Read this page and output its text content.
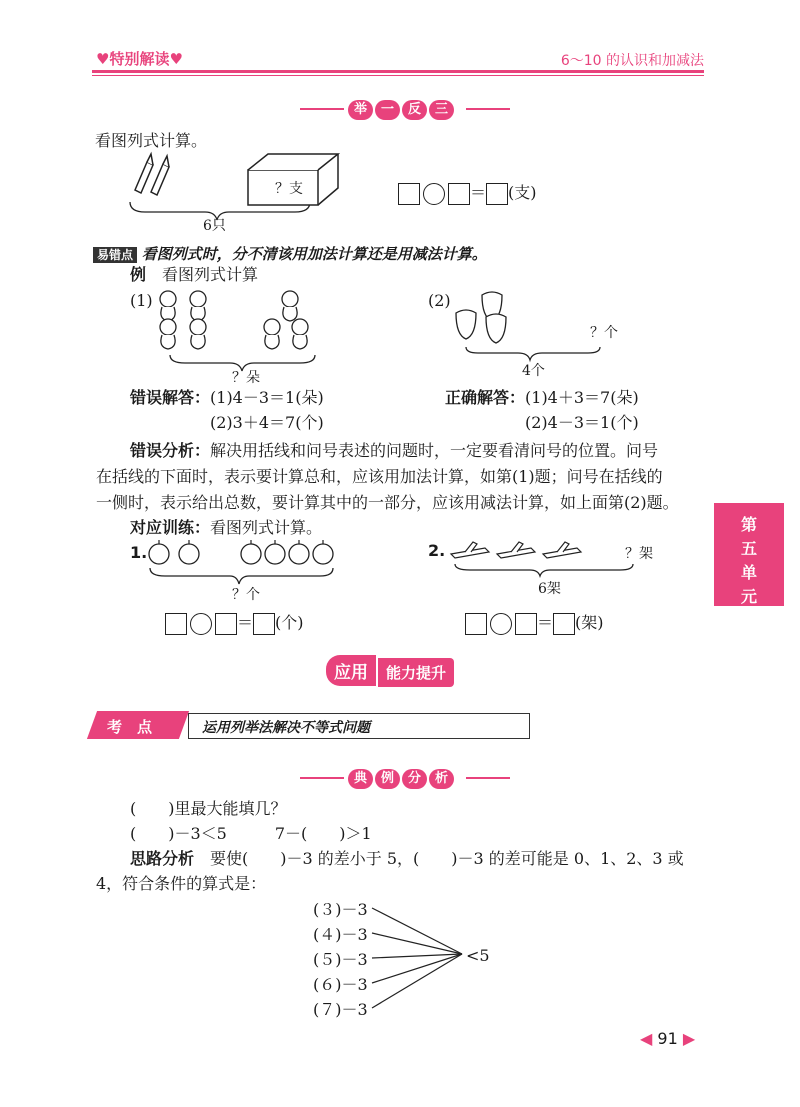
♥特别解读♥	6～10 的认识和加减法
举 一 反 三
看图列式计算。
？支
6只
＝ (支)
易错点 看图列式时，分不清该用加法计算还是用减法计算。
例　 看图列式计算
(1)
？朵
(2)
？个
4个
错误解答：(1)4－3＝1(朵)
(2)3＋4＝7(个)
正确解答：(1)4＋3＝7(朵)
(2)4－3＝1(个)
错误分析：解决用括线和问号表述的问题时，一定要看清问号的位置。问号
在括线的下面时，表示要计算总和，应该用加法计算，如第(1)题；问号在括线的
一侧时，表示给出总数，要计算其中的一部分，应该用减法计算，如上面第(2)题。
对应训练：看图列式计算。
1.
？个
2.	？架
6架
＝ (个)	＝ (架)
第
五
单
元
应用 能力提升
考　点	运用列举法解决不等式问题
典 例 分 析
(　　)里最大能填几？
(　　)－3＜5　　　7－(　　)＞1
思路分析　 要使(　　)－3 的差小于 5，(　　)－3 的差可能是 0、1、2、3 或
4，符合条件的算式是：
(３)－3
(４)－3
(５)－3
(６)－3
(７)－3
<5
◀ 91 ▶
